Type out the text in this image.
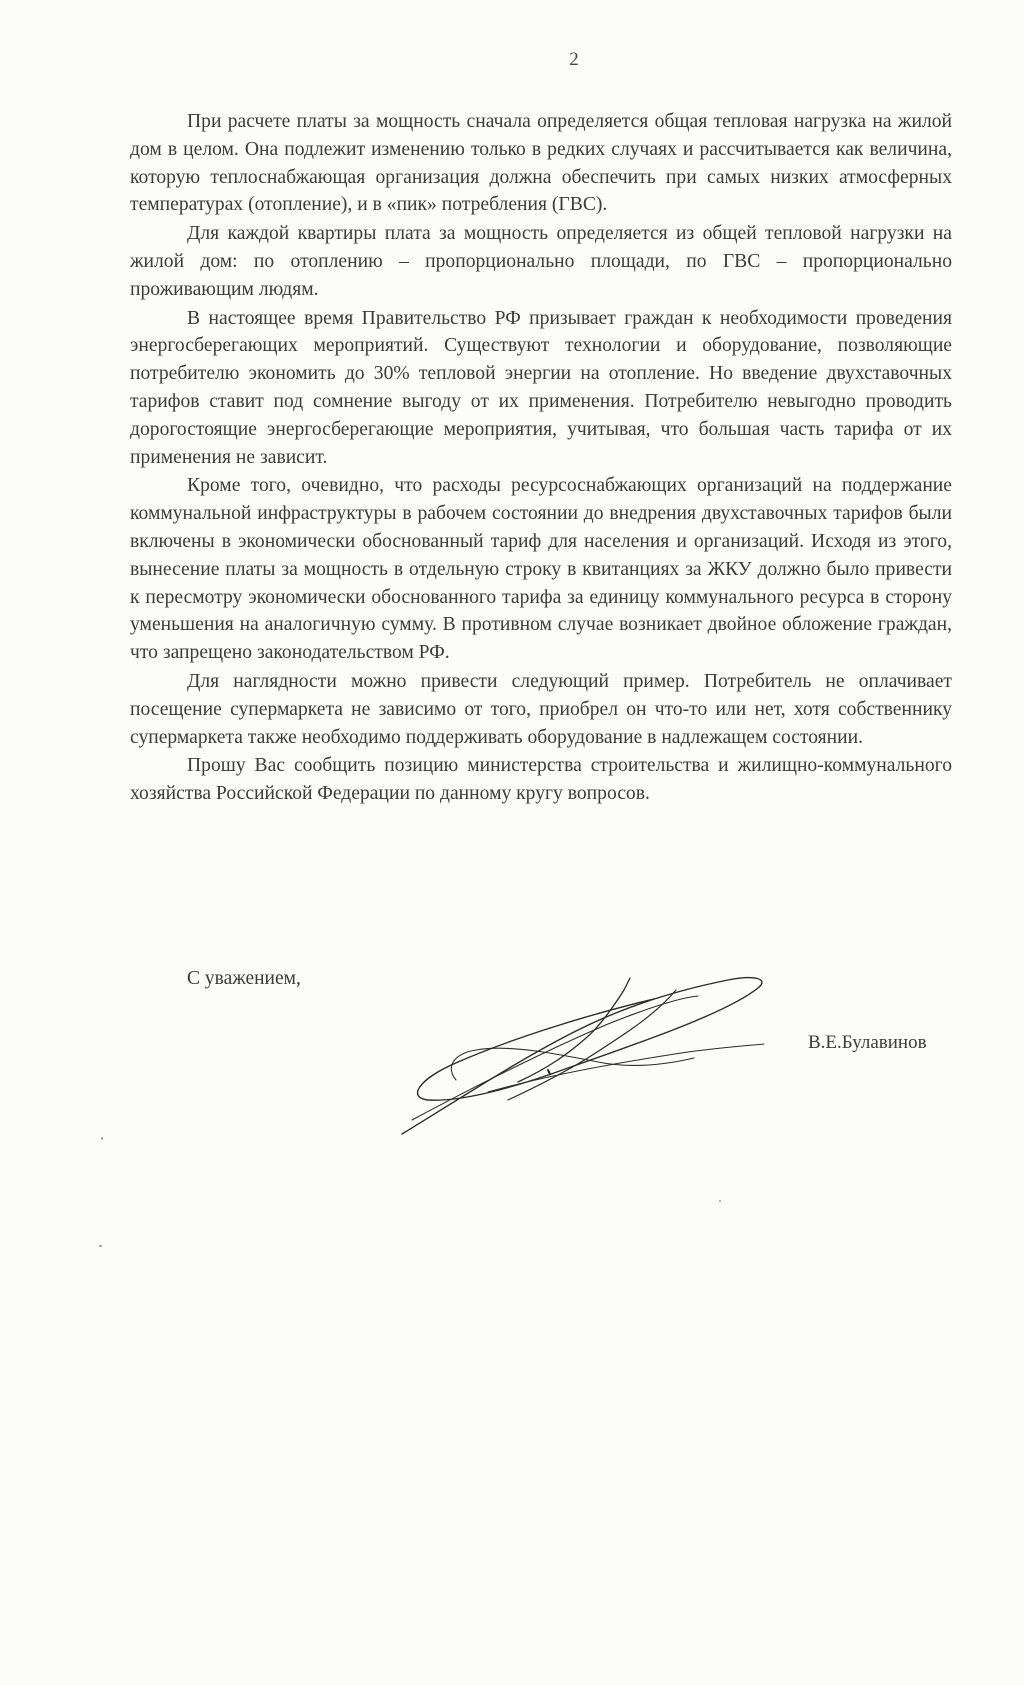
2

При расчете платы за мощность сначала определяется общая тепловая нагрузка на жилой дом в целом. Она подлежит изменению только в редких случаях и рассчитывается как величина, которую теплоснабжающая организация должна обеспечить при самых низких атмосферных температурах (отопление), и в «пик» потребления (ГВС).

Для каждой квартиры плата за мощность определяется из общей тепловой нагрузки на жилой дом: по отоплению – пропорционально площади, по ГВС – пропорционально проживающим людям.

В настоящее время Правительство РФ призывает граждан к необходимости проведения энергосберегающих мероприятий. Существуют технологии и оборудование, позволяющие потребителю экономить до 30% тепловой энергии на отопление. Но введение двухставочных тарифов ставит под сомнение выгоду от их применения. Потребителю невыгодно проводить дорогостоящие энергосберегающие мероприятия, учитывая, что большая часть тарифа от их применения не зависит.

Кроме того, очевидно, что расходы ресурсоснабжающих организаций на поддержание коммунальной инфраструктуры в рабочем состоянии до внедрения двухставочных тарифов были включены в экономически обоснованный тариф для населения и организаций. Исходя из этого, вынесение платы за мощность в отдельную строку в квитанциях за ЖКУ должно было привести к пересмотру экономически обоснованного тарифа за единицу коммунального ресурса в сторону уменьшения на аналогичную сумму. В противном случае возникает двойное обложение граждан, что запрещено законодательством РФ.

Для наглядности можно привести следующий пример. Потребитель не оплачивает посещение супермаркета не зависимо от того, приобрел он что-то или нет, хотя собственнику супермаркета также необходимо поддерживать оборудование в надлежащем состоянии.

Прошу Вас сообщить позицию министерства строительства и жилищно-коммунального хозяйства Российской Федерации по данному кругу вопросов.

С уважением,
В.Е.Булавинов
